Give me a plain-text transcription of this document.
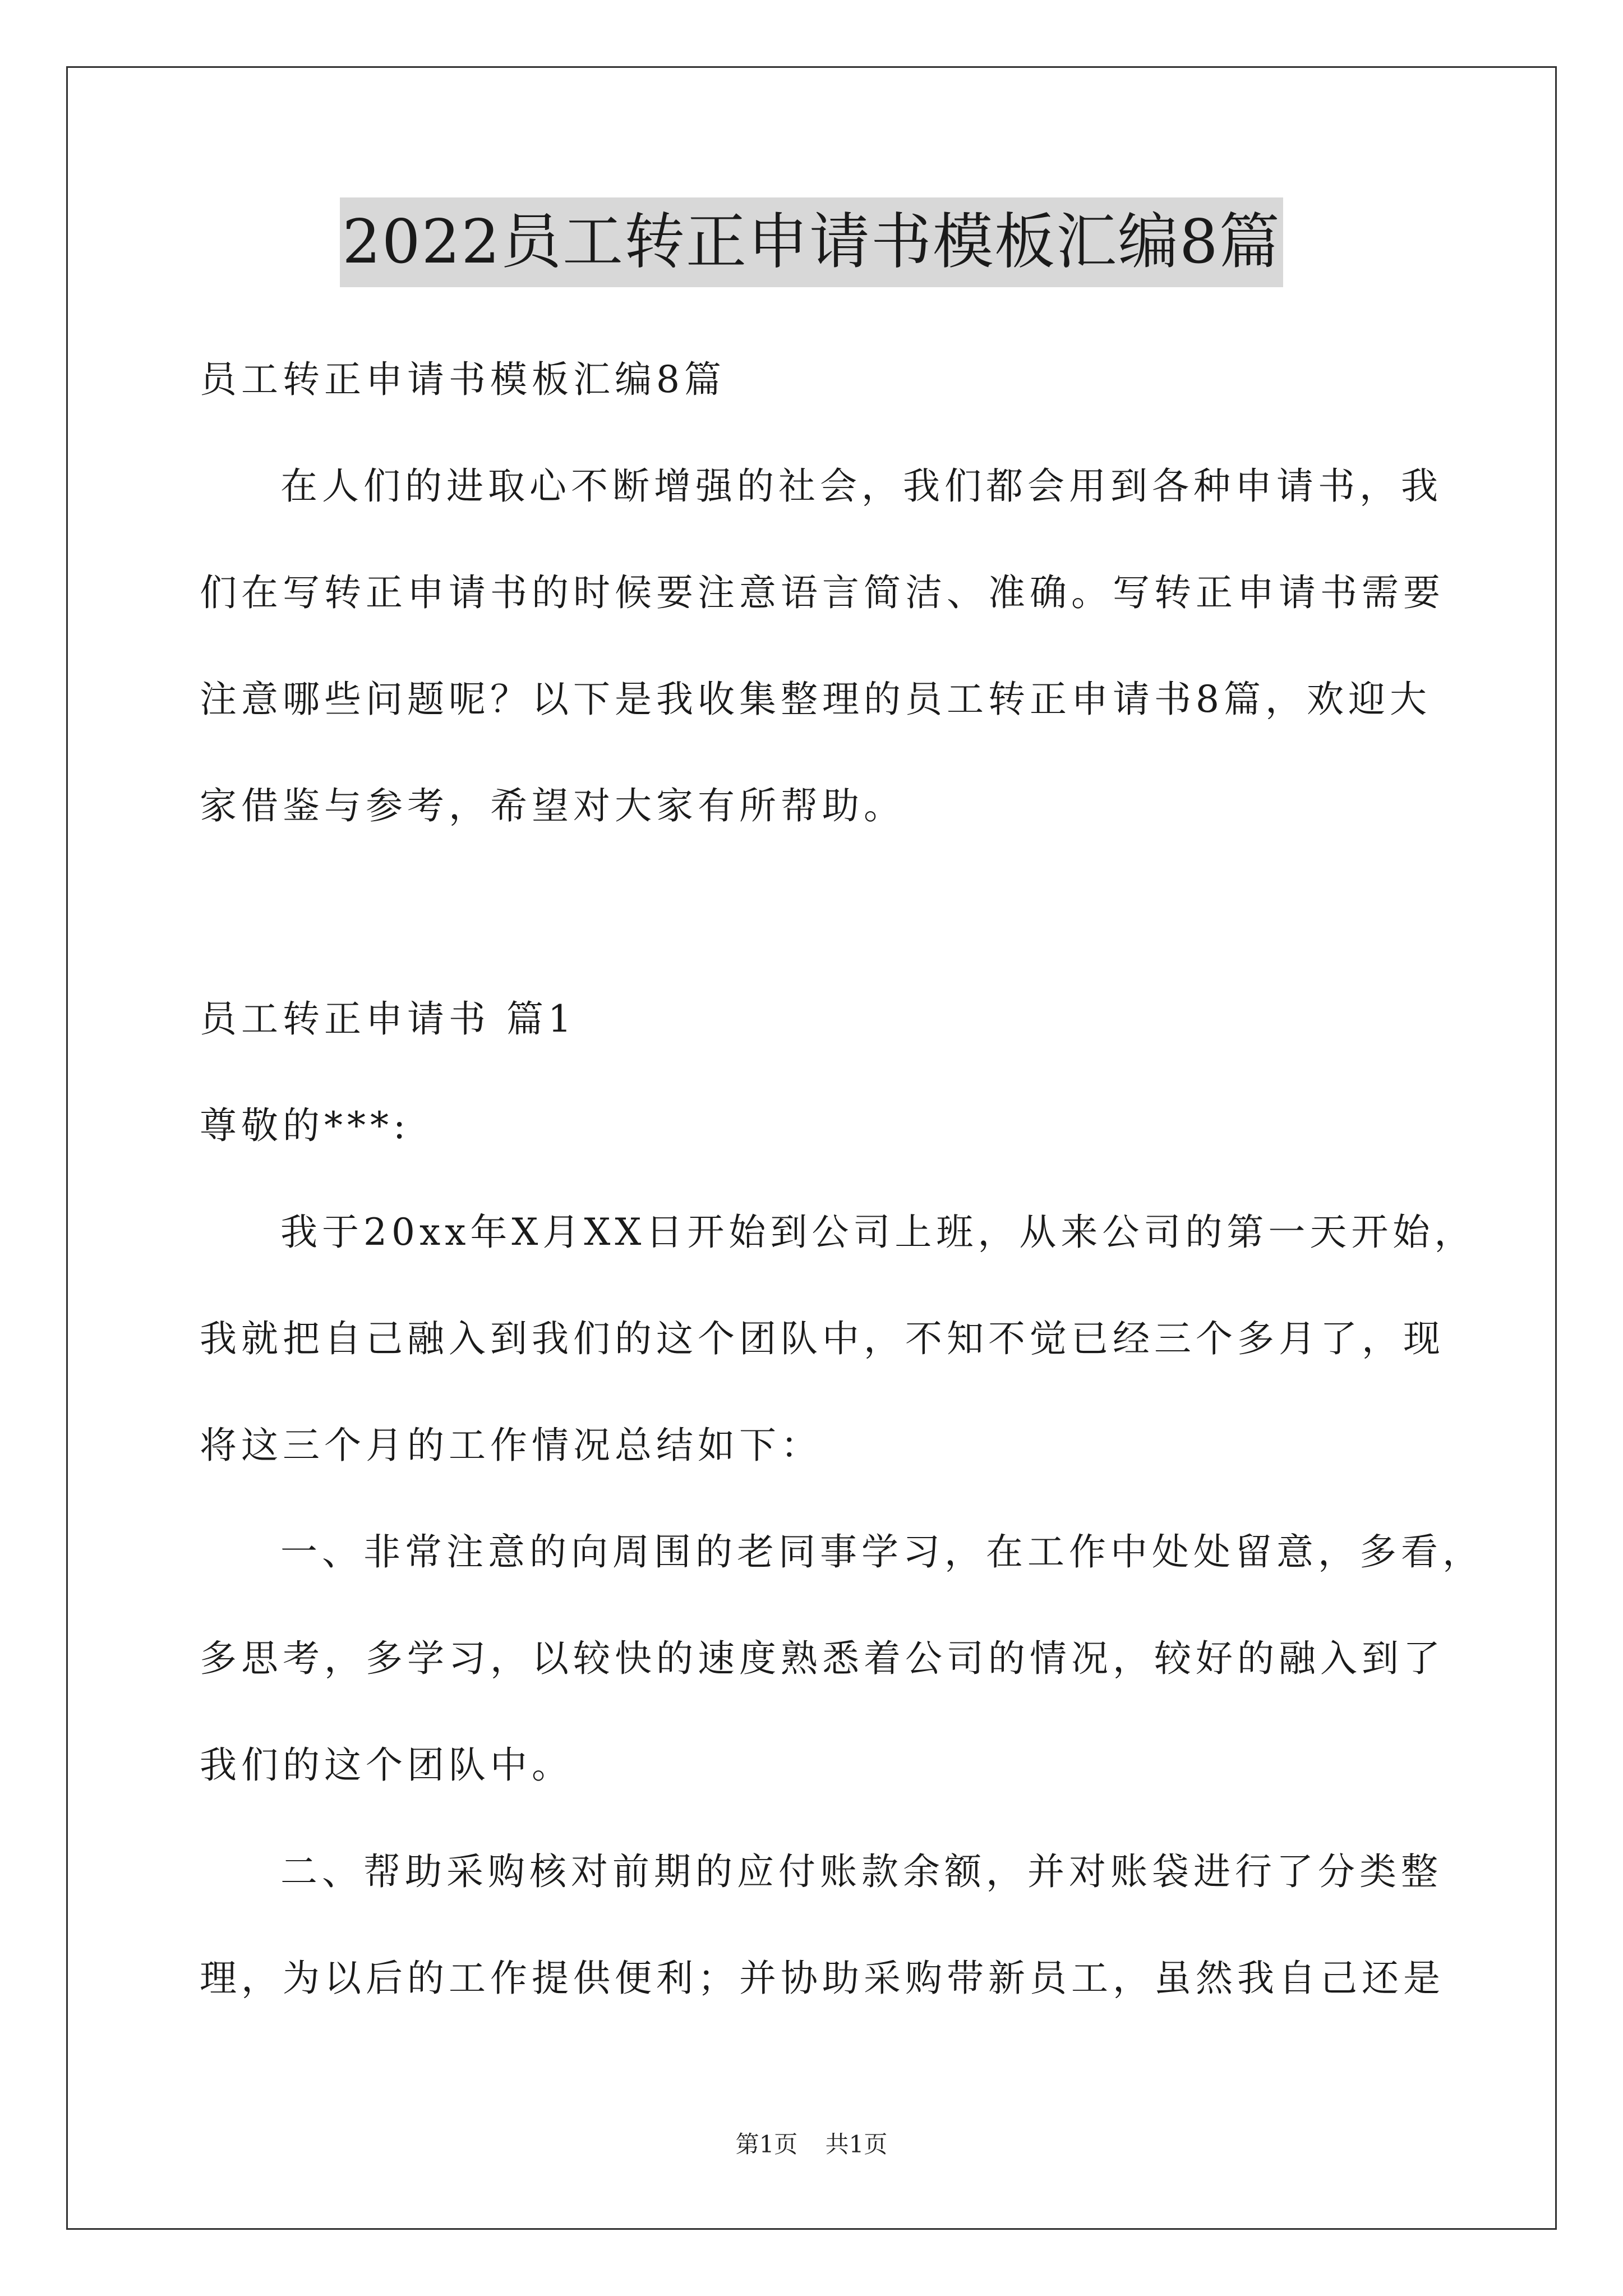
2022员工转正申请书模板汇编8篇
员工转正申请书模板汇编8篇
在人们的进取心不断增强的社会，我们都会用到各种申请书，我
们在写转正申请书的时候要注意语言简洁、准确。写转正申请书需要
注意哪些问题呢？以下是我收集整理的员工转正申请书8篇，欢迎大
家借鉴与参考，希望对大家有所帮助。
员工转正申请书 篇1
尊敬的***:
我于20xx年X月XX日开始到公司上班，从来公司的第一天开始，
我就把自己融入到我们的这个团队中，不知不觉已经三个多月了，现
将这三个月的工作情况总结如下：
一、非常注意的向周围的老同事学习，在工作中处处留意，多看，
多思考，多学习，以较快的速度熟悉着公司的情况，较好的融入到了
我们的这个团队中。
二、帮助采购核对前期的应付账款余额，并对账袋进行了分类整
理，为以后的工作提供便利；并协助采购带新员工，虽然我自己还是
第1页 共1页
